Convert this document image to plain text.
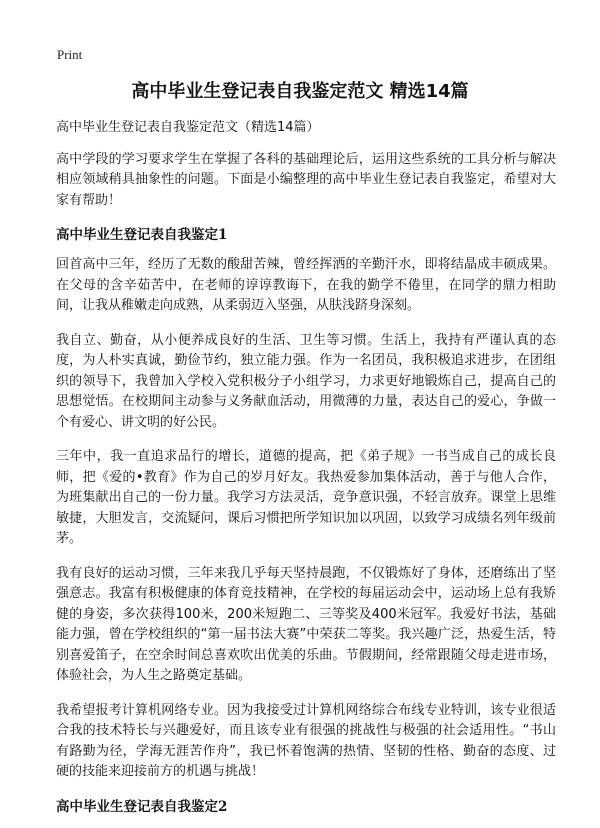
Print
高中毕业生登记表自我鉴定范文 精选14篇

高中毕业生登记表自我鉴定范文（精选14篇）

高中学段的学习要求学生在掌握了各科的基础理论后，运用这些系统的工具分析与解决相应领域稍具抽象性的问题。下面是小编整理的高中毕业生登记表自我鉴定，希望对大家有帮助！

高中毕业生登记表自我鉴定1

回首高中三年，经历了无数的酸甜苦辣，曾经挥洒的辛勤汗水，即将结晶成丰硕成果。在父母的含辛茹苦中，在老师的谆谆教诲下，在我的勤学不倦里，在同学的鼎力相助间，让我从稚嫩走向成熟，从柔弱迈入坚强，从肤浅跻身深刻。

我自立、勤奋，从小便养成良好的生活、卫生等习惯。生活上，我持有严谨认真的态度，为人朴实真诚，勤俭节约，独立能力强。作为一名团员，我积极追求进步，在团组织的领导下，我曾加入学校入党积极分子小组学习，力求更好地锻炼自己，提高自己的思想觉悟。在校期间主动参与义务献血活动，用微薄的力量，表达自己的爱心，争做一个有爱心、讲文明的好公民。

三年中，我一直追求品行的增长，道德的提高，把《弟子规》一书当成自己的成长良师，把《爱的•教育》作为自己的岁月好友。我热爱参加集体活动，善于与他人合作，为班集献出自己的一份力量。我学习方法灵活，竞争意识强，不轻言放弃。课堂上思维敏捷，大胆发言，交流疑问，课后习惯把所学知识加以巩固，以致学习成绩名列年级前茅。

我有良好的运动习惯，三年来我几乎每天坚持晨跑，不仅锻炼好了身体，还磨练出了坚强意志。我富有积极健康的体育竞技精神，在学校的每届运动会中，运动场上总有我矫健的身姿，多次获得100米，200米短跑二、三等奖及400米冠军。我爱好书法，基础能力强，曾在学校组织的“第一届书法大赛”中荣获二等奖。我兴趣广泛，热爱生活，特别喜爱笛子，在空余时间总喜欢吹出优美的乐曲。节假期间，经常跟随父母走进市场，体验社会，为人生之路奠定基础。

我希望报考计算机网络专业。因为我接受过计算机网络综合布线专业特训，该专业很适合我的技术特长与兴趣爱好，而且该专业有很强的挑战性与极强的社会适用性。“书山有路勤为径，学海无涯苦作舟”，我已怀着饱满的热情、坚韧的性格、勤奋的态度、过硬的技能来迎接前方的机遇与挑战！

高中毕业生登记表自我鉴定2
